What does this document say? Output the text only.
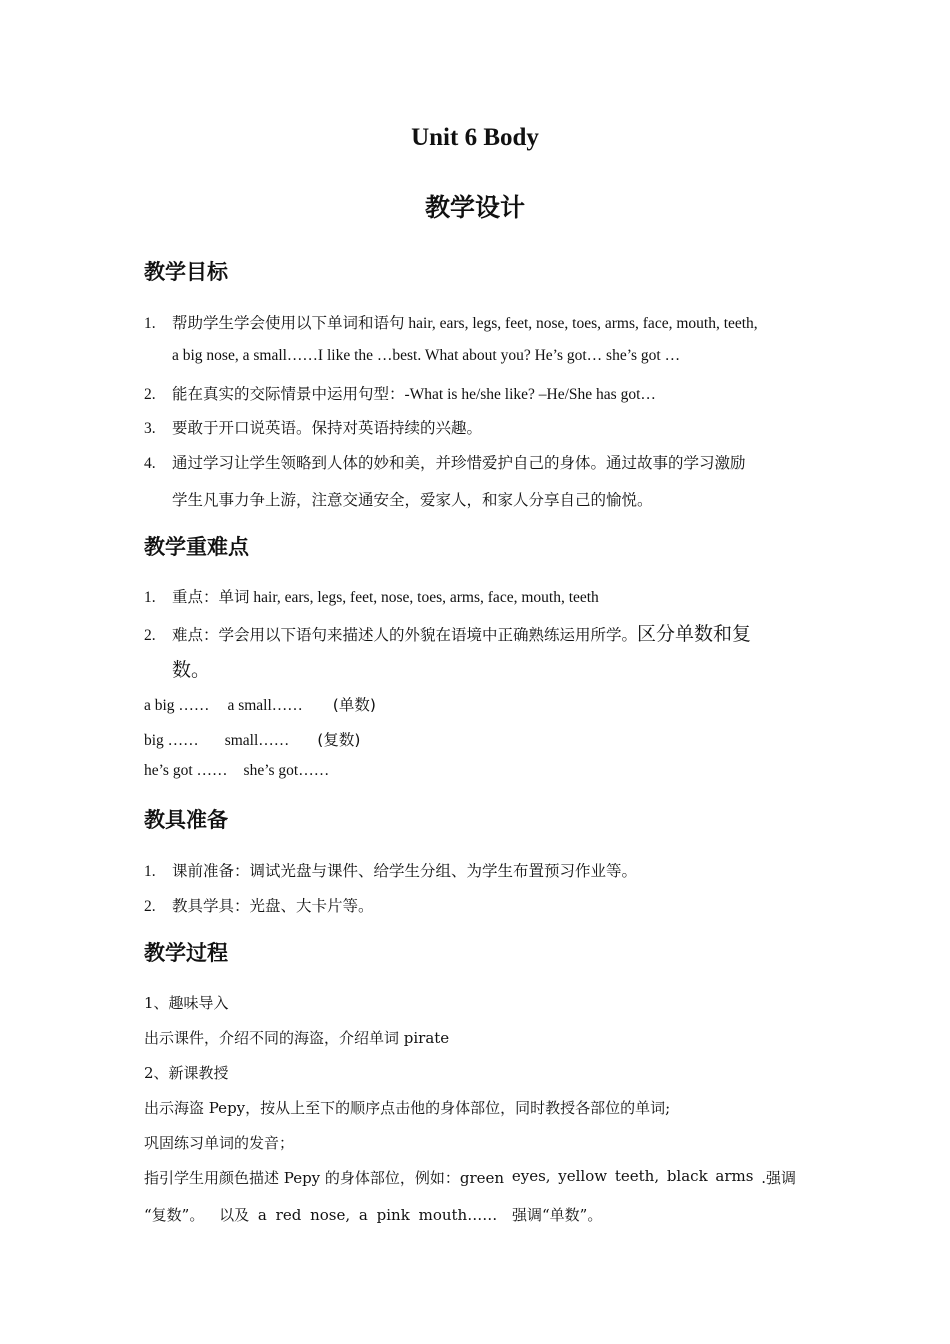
Unit 6 Body
教学设计
教学目标
1. 帮助学生学会使用以下单词和语句 hair, ears, legs, feet, nose, toes, arms, face, mouth, teeth,
a big nose, a small……I like the …best. What about you? He’s got… she’s got …
2. 能在真实的交际情景中运用句型：-What is he/she like? –He/She has got…
3. 要敢于开口说英语。保持对英语持续的兴趣。
4. 通过学习让学生领略到人体的妙和美，并珍惜爱护自己的身体。通过故事的学习激励
学生凡事力争上游，注意交通安全，爱家人，和家人分享自己的愉悦。
教学重难点
1. 重点：单词 hair, ears, legs, feet, nose, toes, arms, face, mouth, teeth
2. 难点：学会用以下语句来描述人的外貌在语境中正确熟练运用所学。区分单数和复
数。
a big …… a small…… (单数)
big …… small…… (复数)
he’s got …… she’s got……
教具准备
1. 课前准备：调试光盘与课件、给学生分组、为学生布置预习作业等。
2. 教具学具：光盘、大卡片等。
教学过程
1、趣味导入
出示课件，介绍不同的海盗，介绍单词 pirate
2、新课教授
出示海盗 Pepy，按从上至下的顺序点击他的身体部位，同时教授各部位的单词;
巩固练习单词的发音；
指引学生用颜色描述 Pepy 的身体部位，例如：green eyes, yellow teeth, black arms .强调
“复数”。 以及 a red nose, a pink mouth…… 强调“单数”。
